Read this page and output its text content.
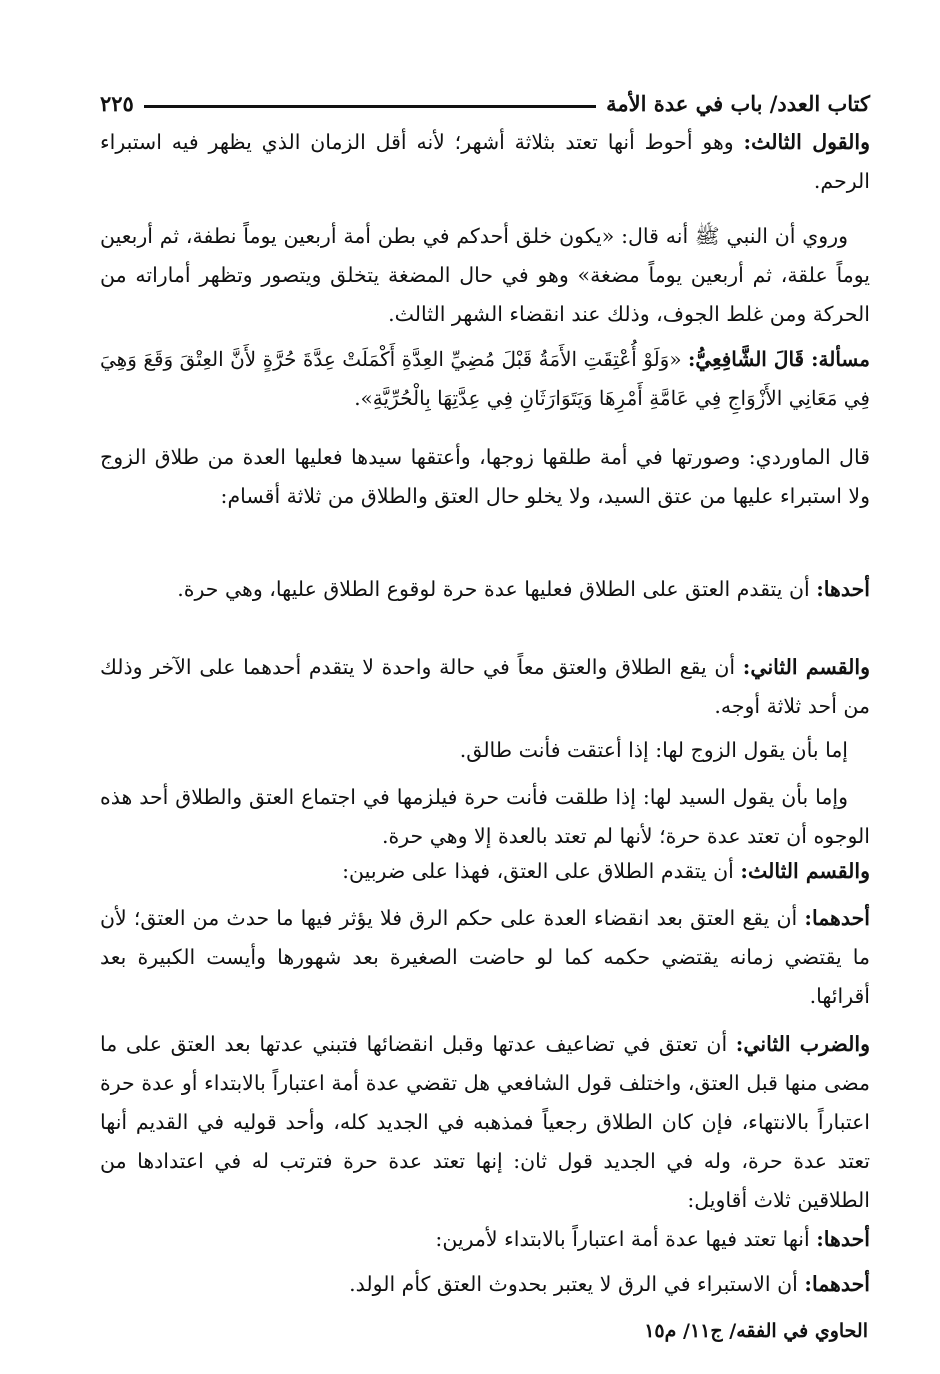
كتاب العدد/ باب في عدة الأمة
٢٢٥

والقول الثالث: وهو أحوط أنها تعتد بثلاثة أشهر؛ لأنه أقل الزمان الذي يظهر فيه استبراء الرحم.

وروي أن النبي ﷺ أنه قال: «يكون خلق أحدكم في بطن أمة أربعين يوماً نطفة، ثم أربعين يوماً علقة، ثم أربعين يوماً مضغة» وهو في حال المضغة يتخلق ويتصور وتظهر أماراته من الحركة ومن غلط الجوف، وذلك عند انقضاء الشهر الثالث.

مسألة: قَالَ الشَّافِعِيُّ: «وَلَوْ أُعْتِقَتِ الأَمَةُ قَبْلَ مُضِيِّ العِدَّةِ أَكْمَلَتْ عِدَّةَ حُرَّةٍ لأَنَّ العِتْقَ وَقَعَ وَهِيَ فِي مَعَانِي الأَزْوَاجِ فِي عَامَّةِ أَمْرِهَا وَيَتَوَارَثَانِ فِي عِدَّتِهَا بِالْحُرِّيَّةِ».

قال الماوردي: وصورتها في أمة طلقها زوجها، وأعتقها سيدها فعليها العدة من طلاق الزوج ولا استبراء عليها من عتق السيد، ولا يخلو حال العتق والطلاق من ثلاثة أقسام:

أحدها: أن يتقدم العتق على الطلاق فعليها عدة حرة لوقوع الطلاق عليها، وهي حرة.

والقسم الثاني: أن يقع الطلاق والعتق معاً في حالة واحدة لا يتقدم أحدهما على الآخر وذلك من أحد ثلاثة أوجه.

إما بأن يقول الزوج لها: إذا أعتقت فأنت طالق.

وإما بأن يقول السيد لها: إذا طلقت فأنت حرة فيلزمها في اجتماع العتق والطلاق أحد هذه الوجوه أن تعتد عدة حرة؛ لأنها لم تعتد بالعدة إلا وهي حرة.

والقسم الثالث: أن يتقدم الطلاق على العتق، فهذا على ضربين:

أحدهما: أن يقع العتق بعد انقضاء العدة على حكم الرق فلا يؤثر فيها ما حدث من العتق؛ لأن ما يقتضي زمانه يقتضي حكمه كما لو حاضت الصغيرة بعد شهورها وأيست الكبيرة بعد أقرائها.

والضرب الثاني: أن تعتق في تضاعيف عدتها وقبل انقضائها فتبني عدتها بعد العتق على ما مضى منها قبل العتق، واختلف قول الشافعي هل تقضي عدة أمة اعتباراً بالابتداء أو عدة حرة اعتباراً بالانتهاء، فإن كان الطلاق رجعياً فمذهبه في الجديد كله، وأحد قوليه في القديم أنها تعتد عدة حرة، وله في الجديد قول ثان: إنها تعتد عدة حرة فترتب له في اعتدادها من الطلاقين ثلاث أقاويل:

أحدها: أنها تعتد فيها عدة أمة اعتباراً بالابتداء لأمرين:

أحدهما: أن الاستبراء في الرق لا يعتبر بحدوث العتق كأم الولد.

الحاوي في الفقه/ ج١١/ م١٥
